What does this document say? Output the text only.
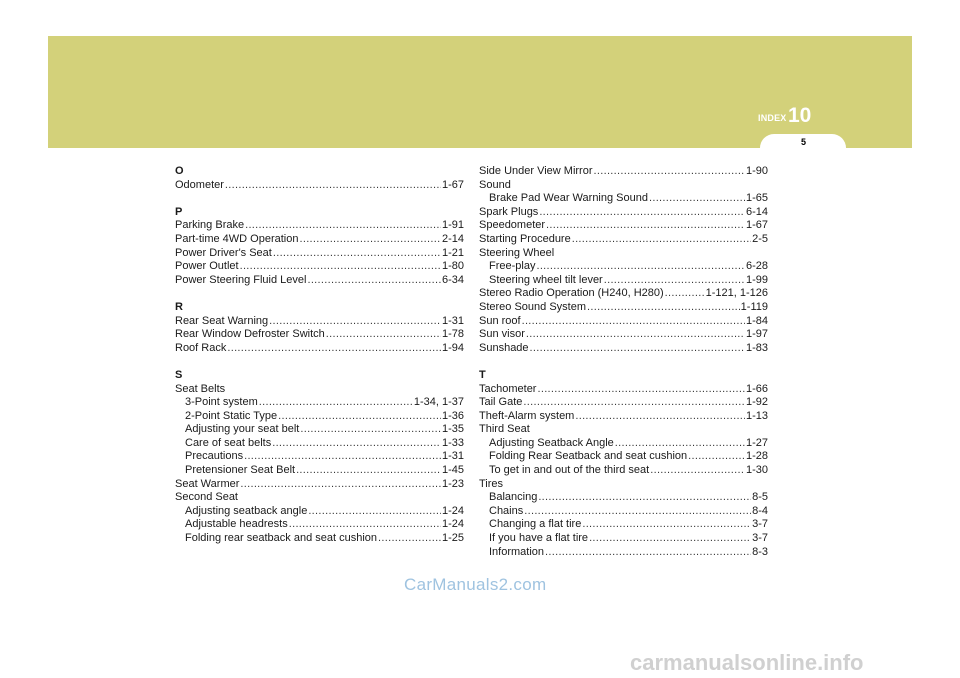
INDEX 10
5
O
Odometer .....	1-67
P
Parking Brake .....	1-91
Part-time 4WD Operation .....	2-14
Power Driver's Seat .....	1-21
Power Outlet .....	1-80
Power Steering Fluid Level .....	6-34
R
Rear Seat Warning .....	1-31
Rear Window Defroster Switch .....	1-78
Roof Rack .....	1-94
S
Seat Belts
3-Point system .....	1-34, 1-37
2-Point Static Type .....	1-36
Adjusting your seat belt .....	1-35
Care of seat belts .....	1-33
Precautions .....	1-31
Pretensioner Seat Belt .....	1-45
Seat Warmer .....	1-23
Second Seat
Adjusting seatback angle .....	1-24
Adjustable headrests .....	1-24
Folding rear seatback and seat cushion .....	1-25
Side Under View Mirror .....	1-90
Sound
Brake Pad Wear Warning Sound .....	1-65
Spark Plugs .....	6-14
Speedometer .....	1-67
Starting Procedure .....	2-5
Steering Wheel
Free-play .....	6-28
Steering wheel tilt lever .....	1-99
Stereo Radio Operation (H240, H280) .....	1-121, 1-126
Stereo Sound System .....	1-119
Sun roof .....	1-84
Sun visor .....	1-97
Sunshade .....	1-83
T
Tachometer .....	1-66
Tail Gate .....	1-92
Theft-Alarm system .....	1-13
Third Seat
Adjusting Seatback Angle .....	1-27
Folding Rear Seatback and seat cushion .....	1-28
To get in and out of the third seat .....	1-30
Tires
Balancing .....	8-5
Chains .....	8-4
Changing a flat tire .....	3-7
If you have a flat tire .....	3-7
Information .....	8-3
CarManuals2.com
carmanualsonline.info
